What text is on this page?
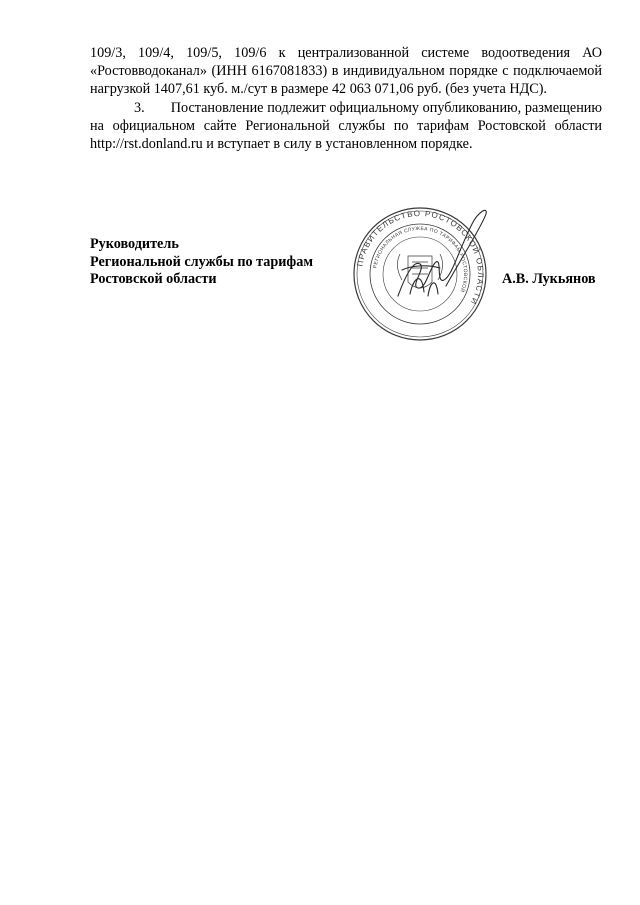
109/3, 109/4, 109/5, 109/6 к централизованной системе водоотведения АО «Ростовводоканал» (ИНН 6167081833) в индивидуальном порядке с подключаемой нагрузкой 1407,61 куб. м./сут в размере 42 063 071,06 руб. (без учета НДС).

3.       Постановление подлежит официальному опубликованию, размещению на официальном сайте Региональной службы по тарифам Ростовской области http://rst.donland.ru и вступает в силу в установленном порядке.

Руководитель
Региональной службы по тарифам
Ростовской области
ПРАВИТЕЛЬСТВО РОСТОВСКОЙ ОБЛАСТИ
РЕГИОНАЛЬНАЯ СЛУЖБА ПО ТАРИФАМ РОСТОВСКОЙ
А.В. Лукьянов
